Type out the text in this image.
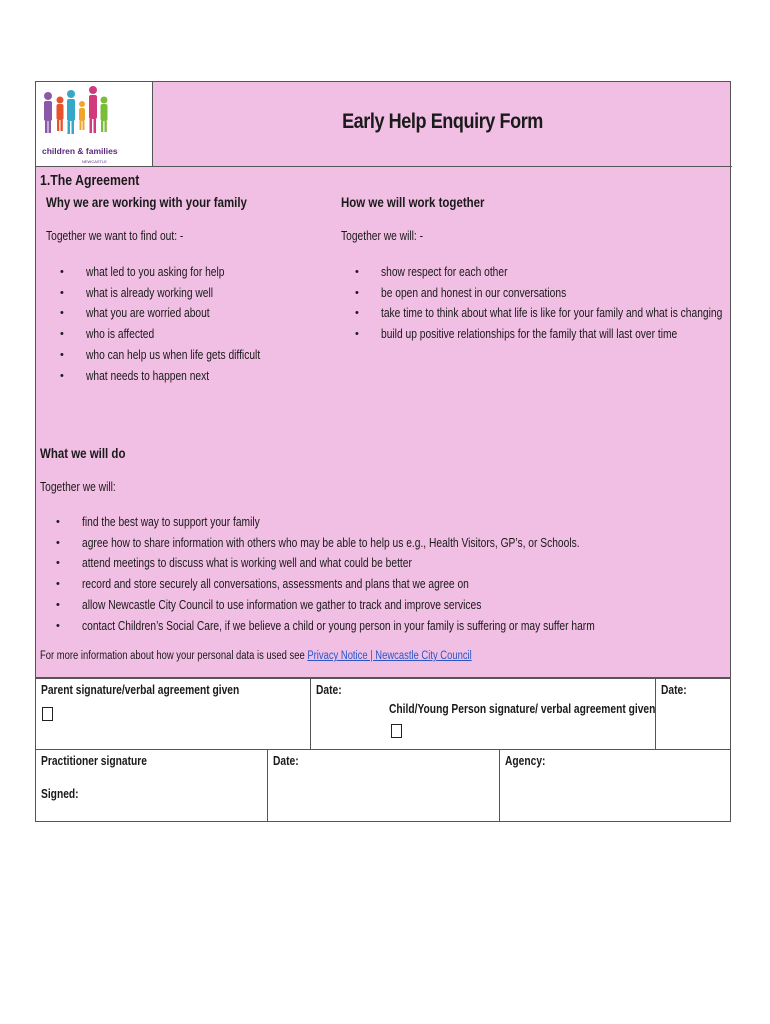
children & families
NEWCASTLE
Early Help Enquiry Form
1.The Agreement
Why we are working with your family
Together we want to find out: -
• what led to you asking for help
• what is already working well
• what you are worried about
• who is affected
• who can help us when life gets difficult
• what needs to happen next
How we will work together
Together we will: -
• show respect for each other
• be open and honest in our conversations
• take time to think about what life is like for your family and what is changing
• build up positive relationships for the family that will last over time
What we will do
Together we will:
• find the best way to support your family
• agree how to share information with others who may be able to help us e.g., Health Visitors, GP’s, or Schools.
• attend meetings to discuss what is working well and what could be better
• record and store securely all conversations, assessments and plans that we agree on
• allow Newcastle City Council to use information we gather to track and improve services
• contact Children’s Social Care, if we believe a child or young person in your family is suffering or may suffer harm
For more information about how your personal data is used see Privacy Notice | Newcastle City Council
Parent signature/verbal agreement given	Date:
Child/Young Person signature/ verbal agreement given
Date:
Practitioner signature
Signed:
Date:	Agency:
